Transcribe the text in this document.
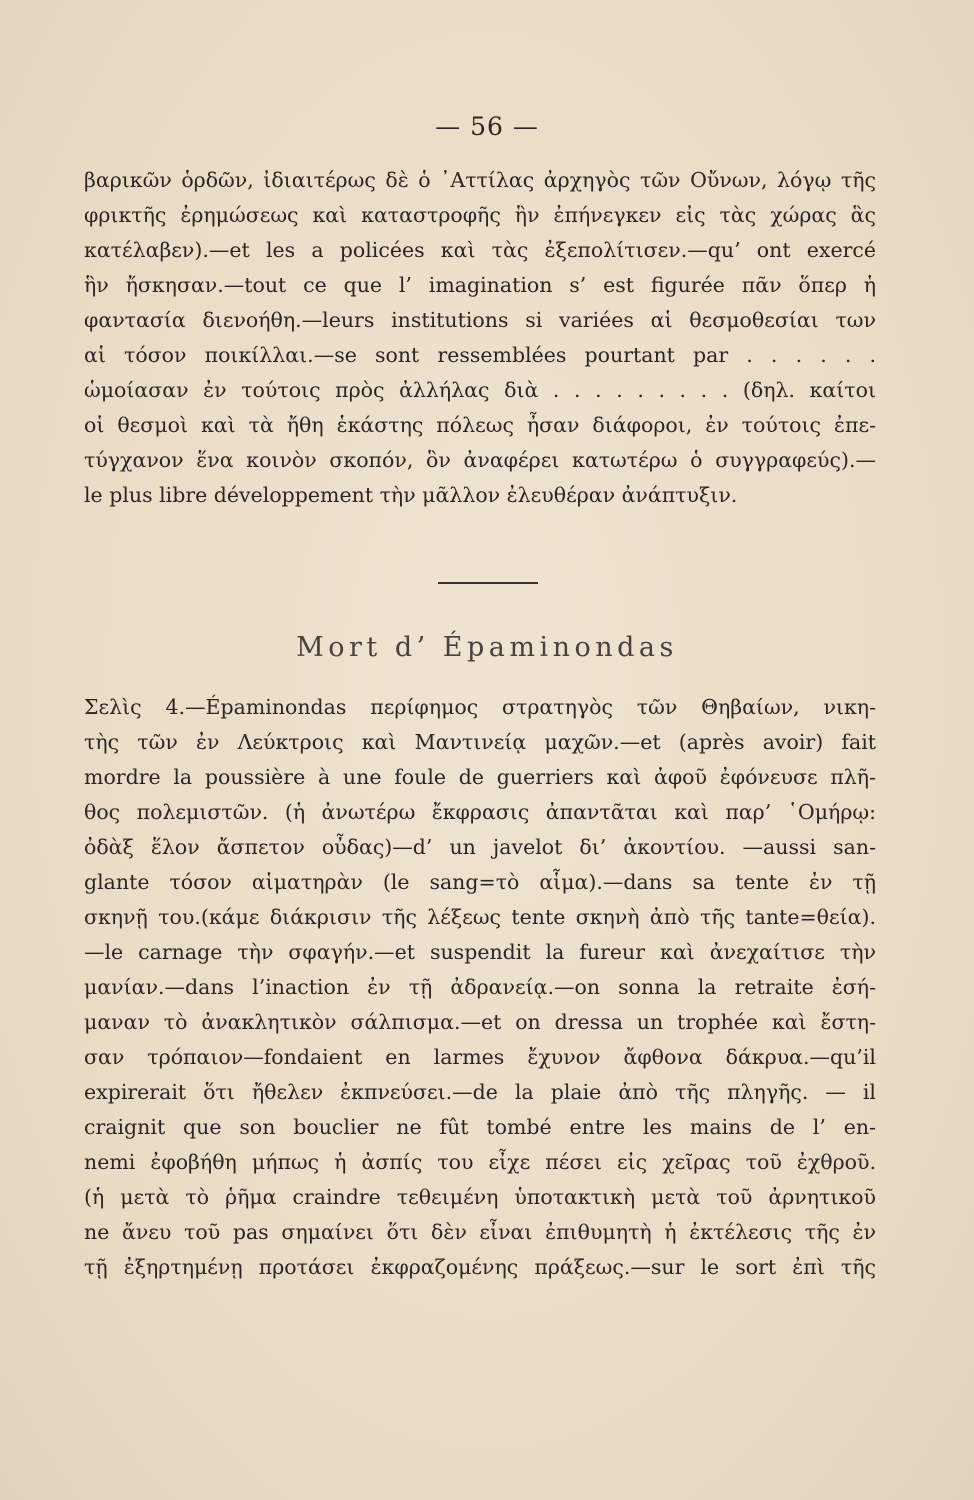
— 56 —
βαρικῶν ὁρδῶν, ἰδιαιτέρως δὲ ὁ ᾿Αττίλας ἀρχηγὸς τῶν Οὔνων, λόγῳ τῆς
φρικτῆς ἐρημώσεως καὶ καταστροφῆς ἣν ἐπήνεγκεν εἰς τὰς χώρας ἃς
κατέλαβεν).—et les a policées καὶ τὰς ἐξεπολίτισεν.—qu’ ont exercé
ἣν ἤσκησαν.—tout ce que l’ imagination s’ est figurée πᾶν ὅπερ ἡ
φαντασία διενοήθη.—leurs institutions si variées αἱ θεσμοθεσίαι των
αἱ τόσον ποικίλλαι.—se sont ressemblées pourtant par . . . . . .
ὡμοίασαν ἐν τούτοις πρὸς ἀλλήλας διὰ . . . . . . . . . (δηλ. καίτοι
οἱ θεσμοὶ καὶ τὰ ἤθη ἑκάστης πόλεως ἦσαν διάφοροι, ἐν τούτοις ἐπε-
τύγχανον ἕνα κοινὸν σκοπόν, ὃν ἀναφέρει κατωτέρω ὁ συγγραφεύς).—
le plus libre développement τὴν μᾶλλον ἐλευθέραν ἀνάπτυξιν.
Mort d’ Épaminondas
Σελὶς 4.—Épaminondas περίφημος στρατηγὸς τῶν Θηβαίων, νικη-
τὴς τῶν ἐν Λεύκτροις καὶ Μαντινείᾳ μαχῶν.—et (après avoir) fait
mordre la poussière à une foule de guerriers καὶ ἀφοῦ ἐφόνευσε πλῆ-
θος πολεμιστῶν. (ἡ ἀνωτέρω ἔκφρασις ἀπαντᾶται καὶ παρ’ ῾Ομήρῳ:
ὀδὰξ ἕλον ἄσπετον οὖδας)—d’ un javelot δι’ ἀκοντίου. —aussi san-
glante τόσον αἱματηρὰν (le sang=τὸ αἷμα).—dans sa tente ἐν τῇ
σκηνῇ του.(κάμε διάκρισιν τῆς λέξεως tente σκηνὴ ἀπὸ τῆς tante=θεία).
—le carnage τὴν σφαγήν.—et suspendit la fureur καὶ ἀνεχαίτισε τὴν
μανίαν.—dans l’inaction ἐν τῇ ἀδρανείᾳ.—on sonna la retraite ἐσή-
μαναν τὸ ἀνακλητικὸν σάλπισμα.—et on dressa un trophée καὶ ἔστη-
σαν τρόπαιον—fondaient en larmes ἔχυνον ἄφθονα δάκρυα.—qu’il
expirerait ὅτι ἤθελεν ἐκπνεύσει.—de la plaie ἀπὸ τῆς πληγῆς. — il
craignit que son bouclier ne fût tombé entre les mains de l’ en-
nemi ἐφοβήθη μήπως ἡ ἀσπίς του εἶχε πέσει εἰς χεῖρας τοῦ ἐχθροῦ.
(ἡ μετὰ τὸ ῥῆμα craindre τεθειμένη ὑποτακτικὴ μετὰ τοῦ ἀρνητικοῦ
ne ἄνευ τοῦ pas σημαίνει ὅτι δὲν εἶναι ἐπιθυμητὴ ἡ ἐκτέλεσις τῆς ἐν
τῇ ἐξηρτημένῃ προτάσει ἐκφραζομένης πράξεως.—sur le sort ἐπὶ τῆς
